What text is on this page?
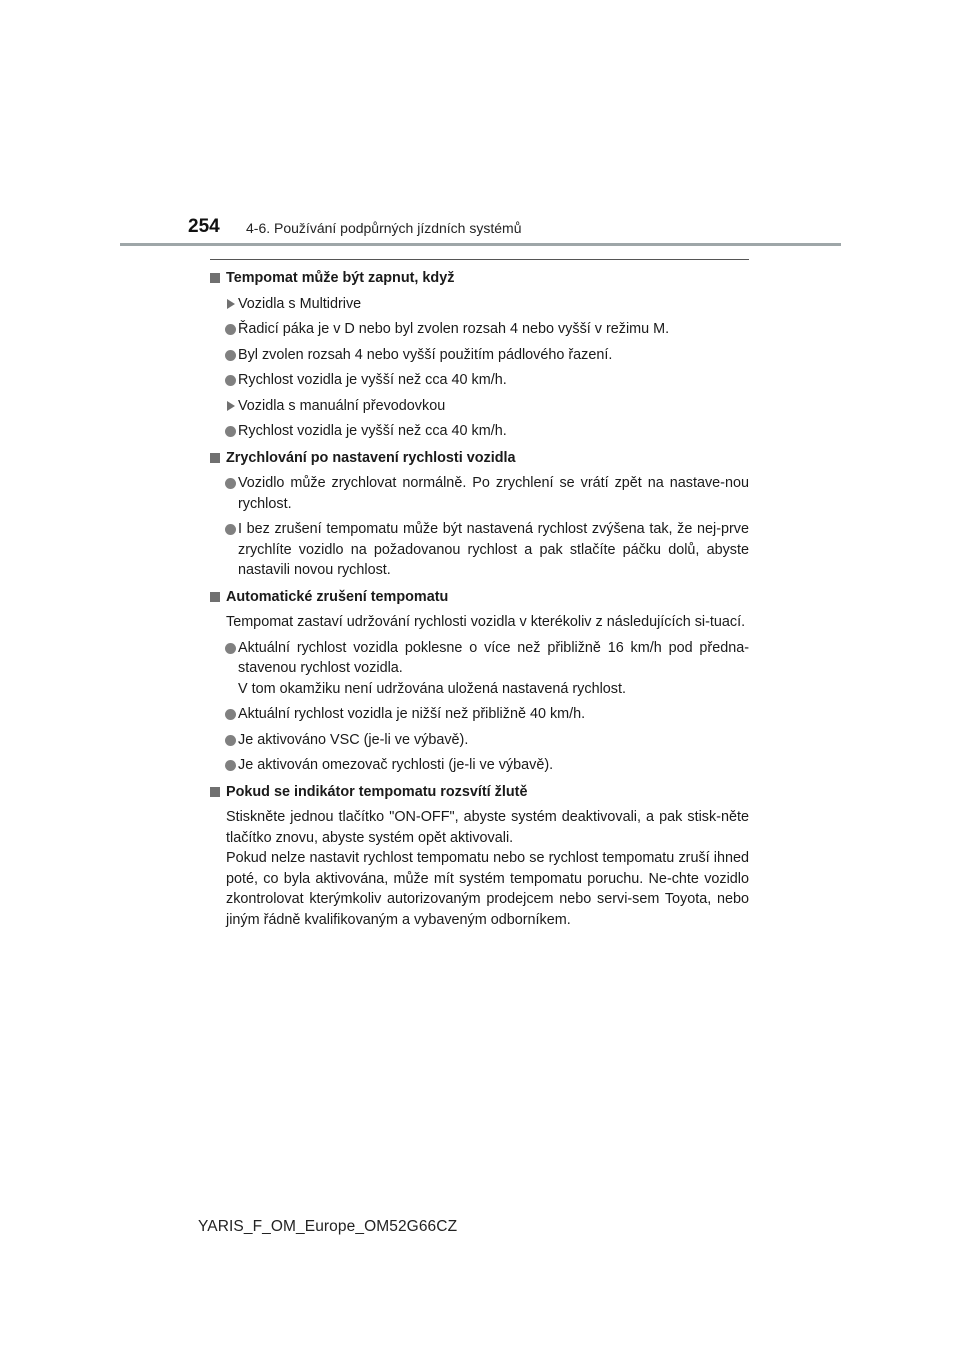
254 4-6. Používání podpůrných jízdních systémů
Tempomat může být zapnut, když
Vozidla s Multidrive
Řadicí páka je v D nebo byl zvolen rozsah 4 nebo vyšší v režimu M.
Byl zvolen rozsah 4 nebo vyšší použitím pádlového řazení.
Rychlost vozidla je vyšší než cca 40 km/h.
Vozidla s manuální převodovkou
Rychlost vozidla je vyšší než cca 40 km/h.
Zrychlování po nastavení rychlosti vozidla
Vozidlo může zrychlovat normálně. Po zrychlení se vrátí zpět na nastave-nou rychlost.
I bez zrušení tempomatu může být nastavená rychlost zvýšena tak, že nej-prve zrychlíte vozidlo na požadovanou rychlost a pak stlačíte páčku dolů, abyste nastavili novou rychlost.
Automatické zrušení tempomatu
Tempomat zastaví udržování rychlosti vozidla v kterékoliv z následujících si-tuací.
Aktuální rychlost vozidla poklesne o více než přibližně 16 km/h pod předna-stavenou rychlost vozidla.
V tom okamžiku není udržována uložená nastavená rychlost.
Aktuální rychlost vozidla je nižší než přibližně 40 km/h.
Je aktivováno VSC (je-li ve výbavě).
Je aktivován omezovač rychlosti (je-li ve výbavě).
Pokud se indikátor tempomatu rozsvítí žlutě
Stiskněte jednou tlačítko "ON-OFF", abyste systém deaktivovali, a pak stisk-něte tlačítko znovu, abyste systém opět aktivovali.
Pokud nelze nastavit rychlost tempomatu nebo se rychlost tempomatu zruší ihned poté, co byla aktivována, může mít systém tempomatu poruchu. Ne-chte vozidlo zkontrolovat kterýmkoliv autorizovaným prodejcem nebo servi-sem Toyota, nebo jiným řádně kvalifikovaným a vybaveným odborníkem.
YARIS_F_OM_Europe_OM52G66CZ
